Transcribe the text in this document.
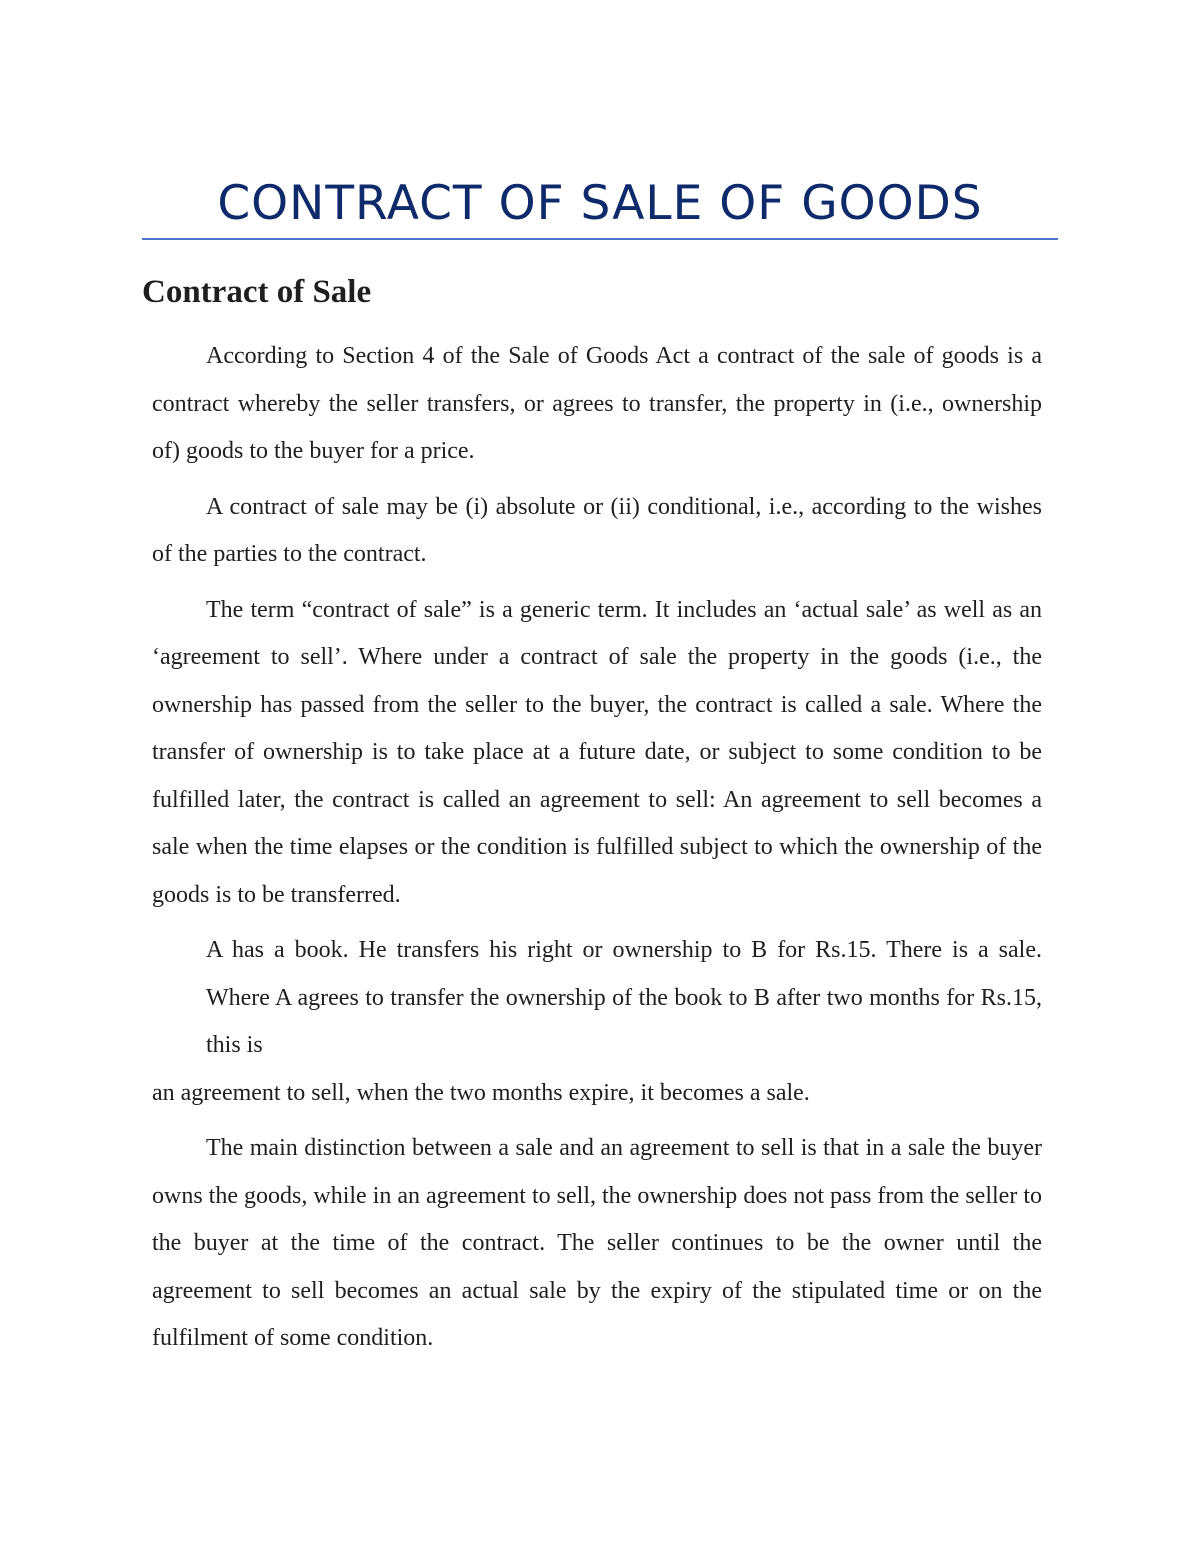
CONTRACT OF SALE OF GOODS
Contract of Sale

According to Section 4 of the Sale of Goods Act a contract of the sale of goods is a contract whereby the seller transfers, or agrees to transfer, the property in (i.e., ownership of) goods to the buyer for a price.

A contract of sale may be (i) absolute or (ii) conditional, i.e., according to the wishes of the parties to the contract.

The term “contract of sale” is a generic term. It includes an ‘actual sale’ as well as an ‘agreement to sell’. Where under a contract of sale the property in the goods (i.e., the ownership has passed from the seller to the buyer, the contract is called a sale. Where the transfer of ownership is to take place at a future date, or subject to some condition to be fulfilled later, the contract is called an agreement to sell: An agreement to sell becomes a sale when the time elapses or the condition is fulfilled subject to which the ownership of the goods is to be transferred.

A has a book. He transfers his right or ownership to B for Rs.15. There is a sale. Where A agrees to transfer the ownership of the book to B after two months for Rs.15, this is

an agreement to sell, when the two months expire, it becomes a sale.

The main distinction between a sale and an agreement to sell is that in a sale the buyer owns the goods, while in an agreement to sell, the ownership does not pass from the seller to the buyer at the time of the contract. The seller continues to be the owner until the agreement to sell becomes an actual sale by the expiry of the stipulated time or on the fulfilment of some condition.
